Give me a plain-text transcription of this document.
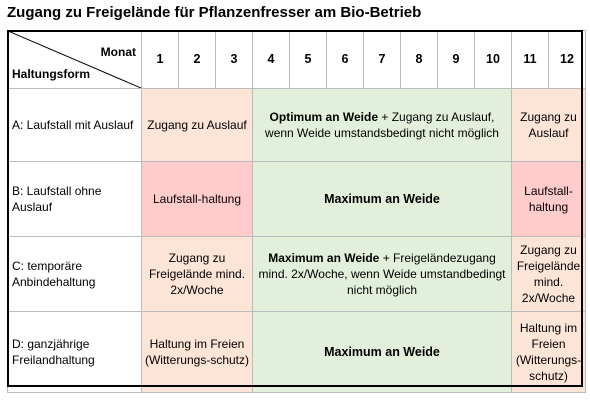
Zugang zu Freigelände für Pflanzenfresser am Bio-Betrieb
Monat
Haltungsform	1	2	3	4	5	6	7	8	9	10	11	12
A: Laufstall mit Auslauf	Zugang zu Auslauf			Optimum an Weide + Zugang zu Auslauf, wenn Weide umstandsbedingt nicht möglich							Zugang zu Auslauf	
B: Laufstall ohne Auslauf	Laufstall-haltung			Maximum an Weide							Laufstall-haltung	
C: temporäre Anbindehaltung	Zugang zu Freigelände mind. 2x/Woche			Maximum an Weide + Freigeländezugang mind. 2x/Woche, wenn Weide umstandbedingt nicht möglich							Zugang zu Freigelände mind. 2x/Woche	
D: ganzjährige Freilandhaltung	Haltung im Freien (Witterungs-schutz)			Maximum an Weide							Haltung im Freien (Witterungs-schutz)	
